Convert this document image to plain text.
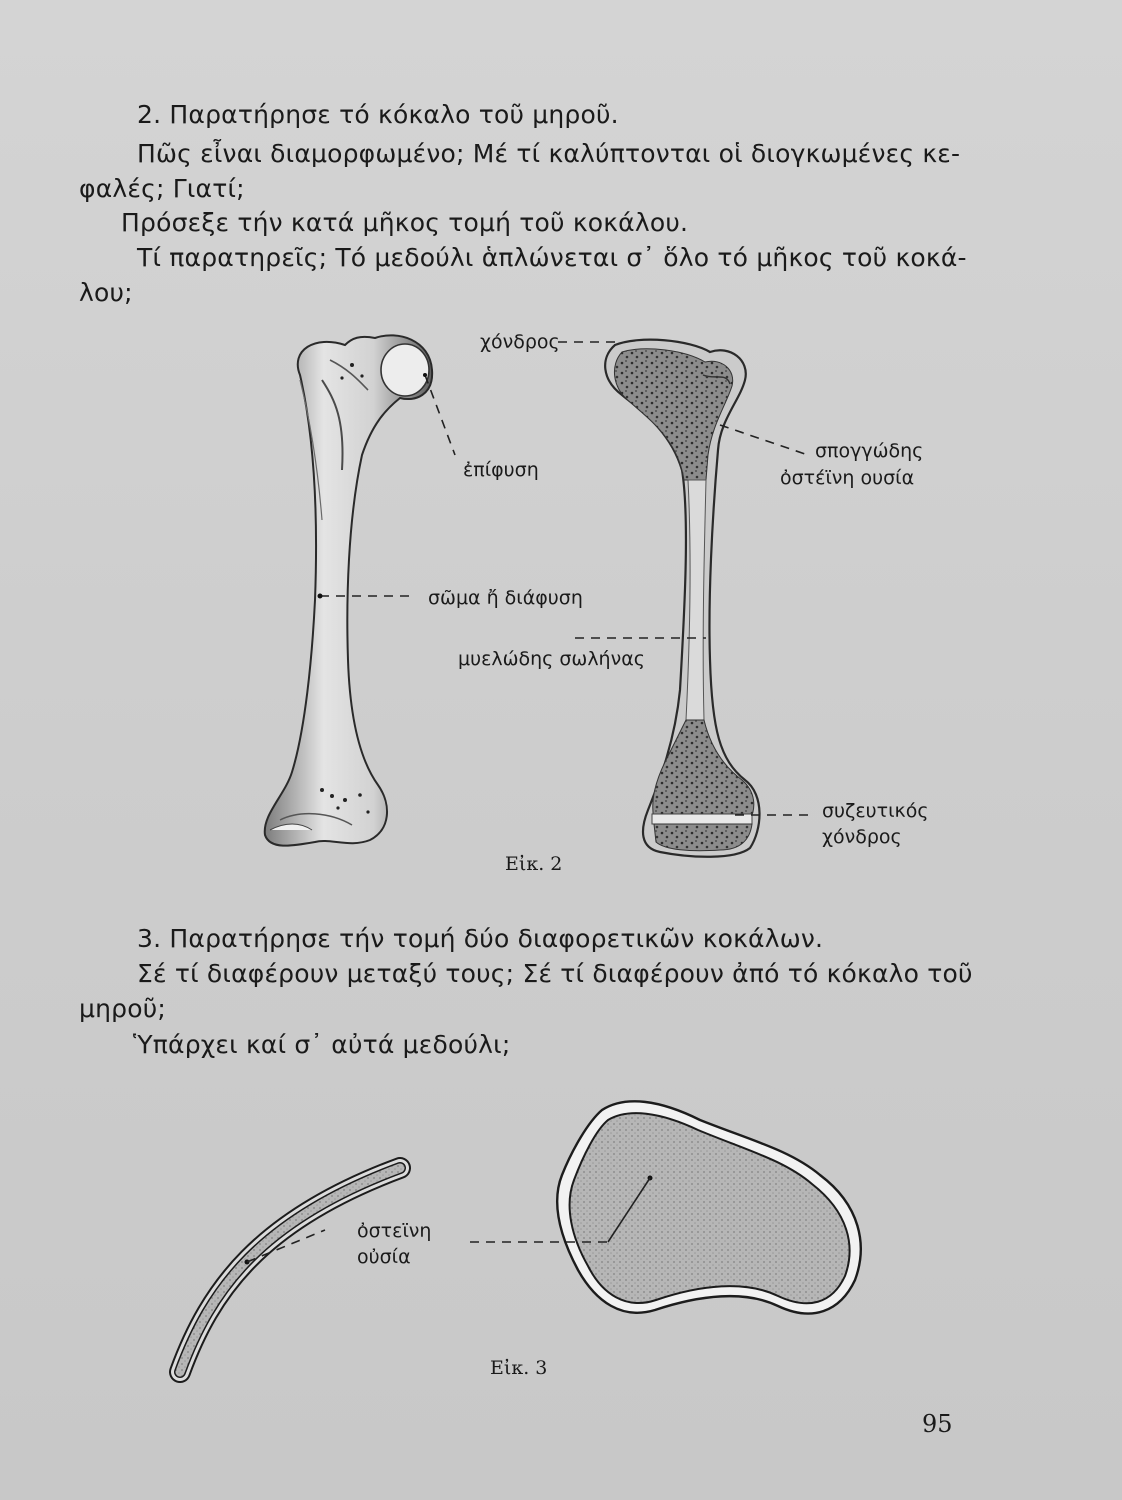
2. Παρατήρησε τό κόκαλο τοῦ μηροῦ.
Πῶς εἶναι διαμορφωμένο; Μέ τί καλύπτονται οἱ διογκωμένες κε-
φαλές; Γιατί;
Πρόσεξε τήν κατά μῆκος τομή τοῦ κοκάλου.
Τί παρατηρεῖς; Τό μεδούλι ἁπλώνεται σ᾽ ὅλο τό μῆκος τοῦ κοκά-
λου;
χόνδρος
ἐπίφυση
σπογγώδης
ὀστέϊνη ουσία
σῶμα ἤ διάφυση
μυελώδης σωλήνας
συζευτικός
χόνδρος
Εἰκ. 2
3. Παρατήρησε τήν τομή δύο διαφορετικῶν κοκάλων.
Σέ τί διαφέρουν μεταξύ τους; Σέ τί διαφέρουν ἀπό τό κόκαλο τοῦ
μηροῦ;
Ὑπάρχει καί σ᾽ αὐτά μεδούλι;
ὀστεϊνη
οὐσία
Εἰκ. 3
95
